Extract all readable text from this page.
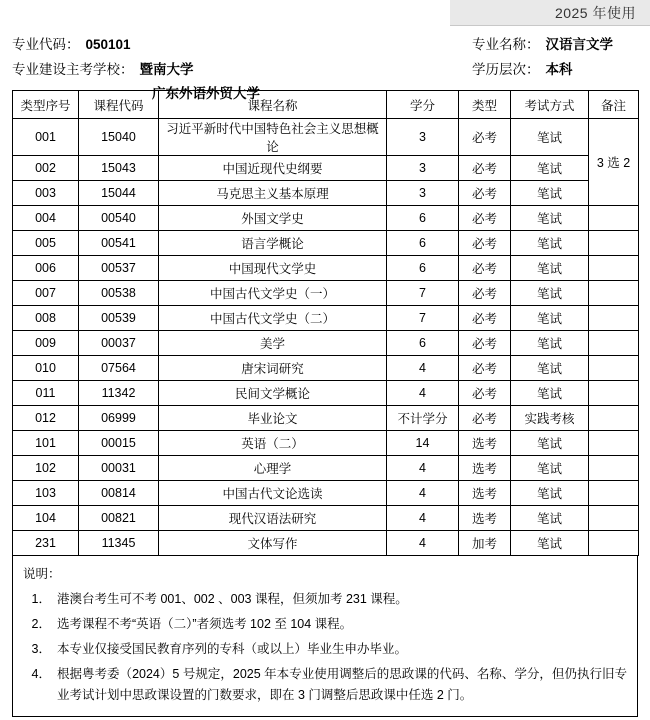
2025 年使用
专业代码： 050101	专业名称： 汉语言文学
专业建设主考学校： 暨南大学	学历层次： 本科
广东外语外贸大学
类型序号	课程代码	课程名称	学分	类型	考试方式	备注
001	15040	习近平新时代中国特色社会主义思想概论	3	必考	笔试	3 选 2
002	15043	中国近现代史纲要	3	必考	笔试	
003	15044	马克思主义基本原理	3	必考	笔试	
004	00540	外国文学史	6	必考	笔试	
005	00541	语言学概论	6	必考	笔试	
006	00537	中国现代文学史	6	必考	笔试	
007	00538	中国古代文学史（一）	7	必考	笔试	
008	00539	中国古代文学史（二）	7	必考	笔试	
009	00037	美学	6	必考	笔试	
010	07564	唐宋词研究	4	必考	笔试	
011	11342	民间文学概论	4	必考	笔试	
012	06999	毕业论文	不计学分	必考	实践考核	
101	00015	英语（二）	14	选考	笔试	
102	00031	心理学	4	选考	笔试	
103	00814	中国古代文论选读	4	选考	笔试	
104	00821	现代汉语法研究	4	选考	笔试	
231	11345	文体写作	4	加考	笔试	
说明：
1． 港澳台考生可不考 001、002 、003 课程，但须加考 231 课程。
2． 选考课程不考“英语（二）”者须选考 102 至 104 课程。
3． 本专业仅接受国民教育序列的专科（或以上）毕业生申办毕业。
4． 根据粤考委（2024）5 号规定，2025 年本专业使用调整后的思政课的代码、名称、学分，但仍执行旧专业考试计划中思政课设置的门数要求，即在 3 门调整后思政课中任选 2 门。
